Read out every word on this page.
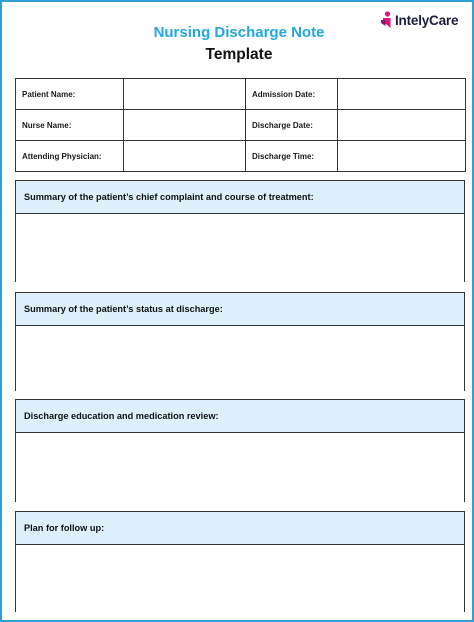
IntelyCare
Nursing Discharge Note
Template
Patient Name:		Admission Date:	
Nurse Name:		Discharge Date:	
Attending Physician:		Discharge Time:	
Summary of the patient’s chief complaint and course of treatment:
Summary of the patient’s status at discharge:
Discharge education and medication review:
Plan for follow up:
